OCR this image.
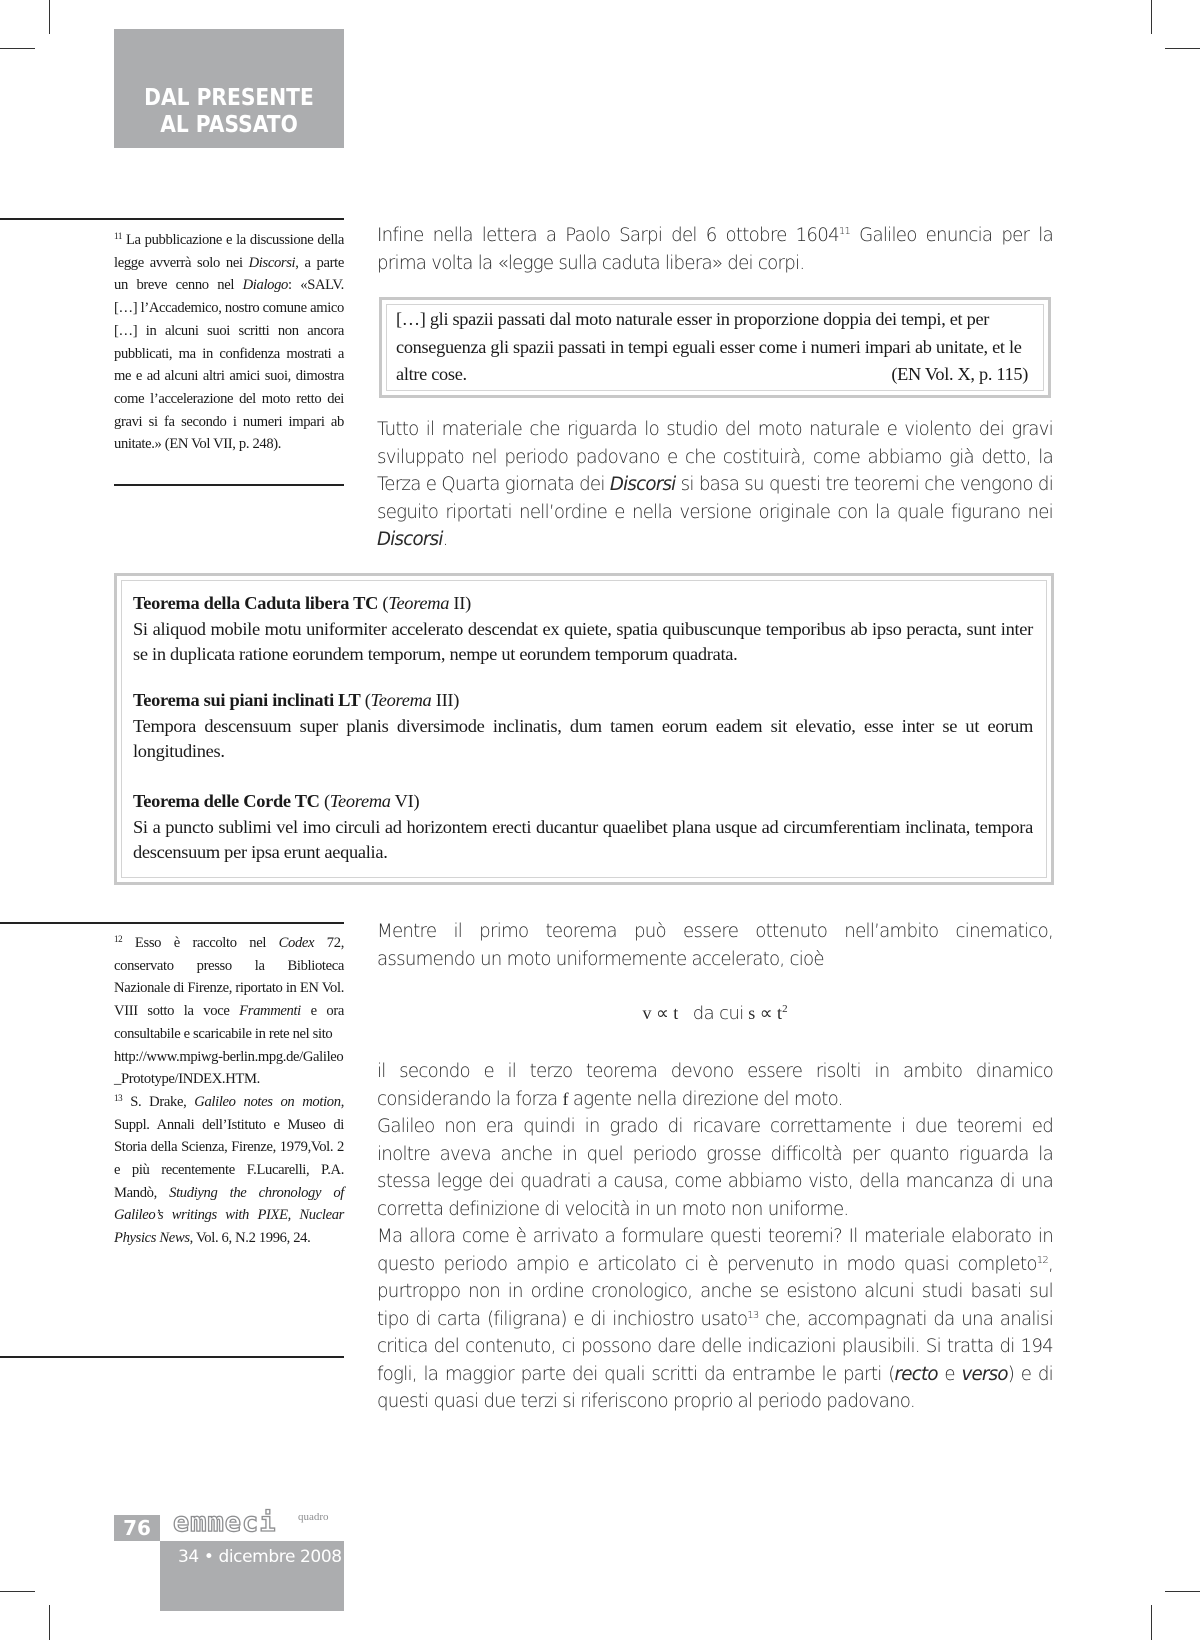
DAL PRESENTE
AL PASSATO
$^{11}$ La pubblicazione e la discussione della legge avverrà solo nei Discorsi, a parte un breve cenno nel Dialogo: «SALV. […] l’Accademico, nostro comune amico […] in alcuni suoi scritti non ancora pubblicati, ma in confidenza mostrati a me e ad alcuni altri amici suoi, dimostra come l’accelerazione del moto retto dei gravi si fa secondo i numeri impari ab unitate.» (EN Vol VII, p. 248).

Infine nella lettera a Paolo Sarpi del 6 ottobre 1604$^{11}$ Galileo enuncia per la prima volta la «legge sulla caduta libera» dei corpi.

[…] gli spazii passati dal moto naturale esser in proporzione doppia dei tempi, et per conseguenza gli spazii passati in tempi eguali esser come i numeri impari ab unitate, et le altre cose.	(EN Vol. X, p. 115)

Tutto il materiale che riguarda lo studio del moto naturale e violento dei gravi sviluppato nel periodo padovano e che costituirà, come abbiamo già detto, la Terza e Quarta giornata dei Discorsi si basa su questi tre teoremi che vengono di seguito riportati nell’ordine e nella versione originale con la quale figurano nei Discorsi.

Teorema della Caduta libera TC (Teorema II)
Si aliquod mobile motu uniformiter accelerato descendat ex quiete, spatia quibuscunque temporibus ab ipso peracta, sunt inter se in duplicata ratione eorundem temporum, nempe ut eorundem temporum quadrata.
Teorema sui piani inclinati LT (Teorema III)
Tempora descensuum super planis diversimode inclinatis, dum tamen eorum eadem sit elevatio, esse inter se ut eorum longitudines.
Teorema delle Corde TC (Teorema VI)
Si a puncto sublimi vel imo circuli ad horizontem erecti ducantur quaelibet plana usque ad circumferentiam inclinata, tempora descensuum per ipsa erunt aequalia.
$^{12}$ Esso è raccolto nel Codex 72, conservato presso la Biblioteca Nazionale di Firenze, riportato in EN Vol. VIII sotto la voce Frammenti e ora consultabile e scaricabile in rete nel sito
http://www.mpiwg-berlin.mpg.de/Galileo_Prototype/INDEX.HTM.
$^{13}$ S. Drake, Galileo notes on motion, Suppl. Annali dell’Istituto e Museo di Storia della Scienza, Firenze, 1979,Vol. 2 e più recentemente F.Lucarelli, P.A. Mandò, Studiyng the chronology of Galileo’s writings with PIXE, Nuclear Physics News, Vol. 6, N.2 1996, 24.

Mentre il primo teorema può essere ottenuto nell’ambito cinematico, assumendo un moto uniformemente accelerato, cioè

v ∝ t da cui $s \propto t^2$

il secondo e il terzo teorema devono essere risolti in ambito dinamico considerando la forza f agente nella direzione del moto.

Galileo non era quindi in grado di ricavare correttamente i due teoremi ed inoltre aveva anche in quel periodo grosse difficoltà per quanto riguarda la stessa legge dei quadrati a causa, come abbiamo visto, della mancanza di una corretta definizione di velocità in un moto non uniforme.

Ma allora come è arrivato a formulare questi teoremi? Il materiale elaborato in questo periodo ampio e articolato ci è pervenuto in modo quasi completo$^{12}$, purtroppo non in ordine cronologico, anche se esistono alcuni studi basati sul tipo di carta (filigrana) e di inchiostro usato$^{13}$ che, accompagnati da una analisi critica del contenuto, ci possono dare delle indicazioni plausibili. Si tratta di 194 fogli, la maggior parte dei quali scritti da entrambe le parti (recto e verso) e di questi quasi due terzi si riferiscono proprio al periodo padovano.

76 emmeci quadro
34 • dicembre 2008
